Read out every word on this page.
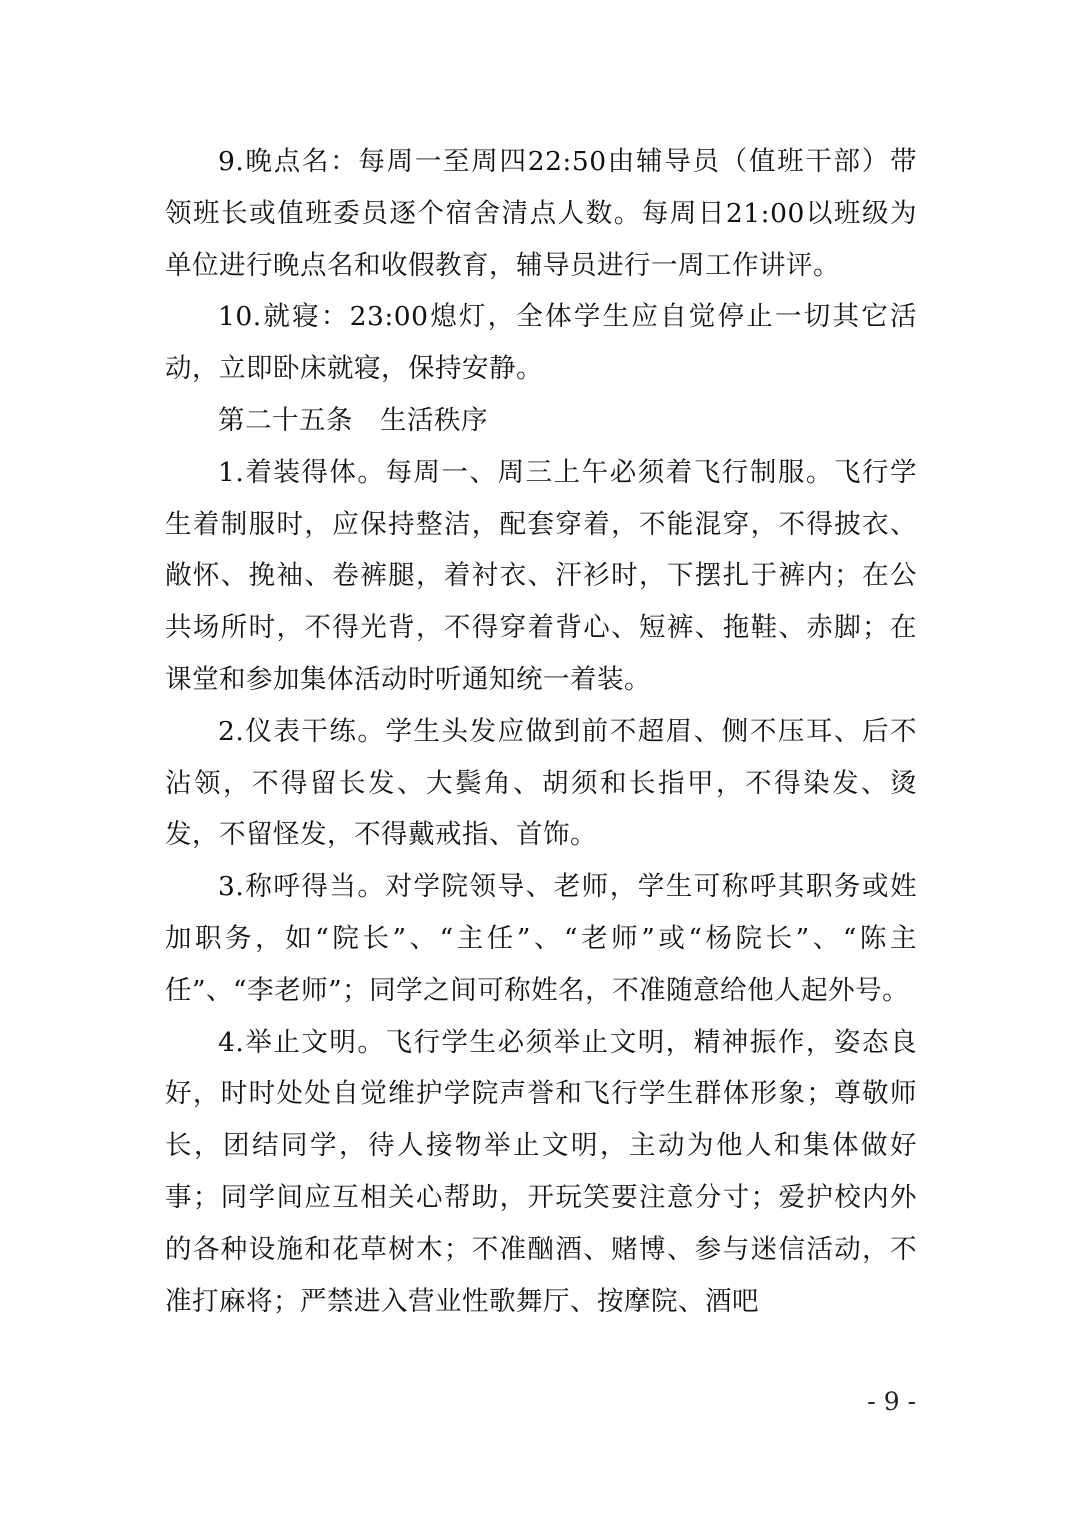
9.晚点名：每周一至周四22:50由辅导员（值班干部）带领班长或值班委员逐个宿舍清点人数。每周日21:00以班级为单位进行晚点名和收假教育，辅导员进行一周工作讲评。

10.就寝：23:00熄灯，全体学生应自觉停止一切其它活动，立即卧床就寝，保持安静。

第二十五条　生活秩序

1.着装得体。每周一、周三上午必须着飞行制服。飞行学生着制服时，应保持整洁，配套穿着，不能混穿，不得披衣、敞怀、挽袖、卷裤腿，着衬衣、汗衫时，下摆扎于裤内；在公共场所时，不得光背，不得穿着背心、短裤、拖鞋、赤脚；在课堂和参加集体活动时听通知统一着装。

2.仪表干练。学生头发应做到前不超眉、侧不压耳、后不沾领，不得留长发、大鬓角、胡须和长指甲，不得染发、烫发，不留怪发，不得戴戒指、首饰。

3.称呼得当。对学院领导、老师，学生可称呼其职务或姓加职务，如“院长”、“主任”、“老师”或“杨院长”、“陈主任”、“李老师”；同学之间可称姓名，不准随意给他人起外号。

4.举止文明。飞行学生必须举止文明，精神振作，姿态良好，时时处处自觉维护学院声誉和飞行学生群体形象；尊敬师长，团结同学，待人接物举止文明，主动为他人和集体做好事；同学间应互相关心帮助，开玩笑要注意分寸；爱护校内外的各种设施和花草树木；不准酗酒、赌博、参与迷信活动，不准打麻将；严禁进入营业性歌舞厅、按摩院、酒吧

- 9 -
